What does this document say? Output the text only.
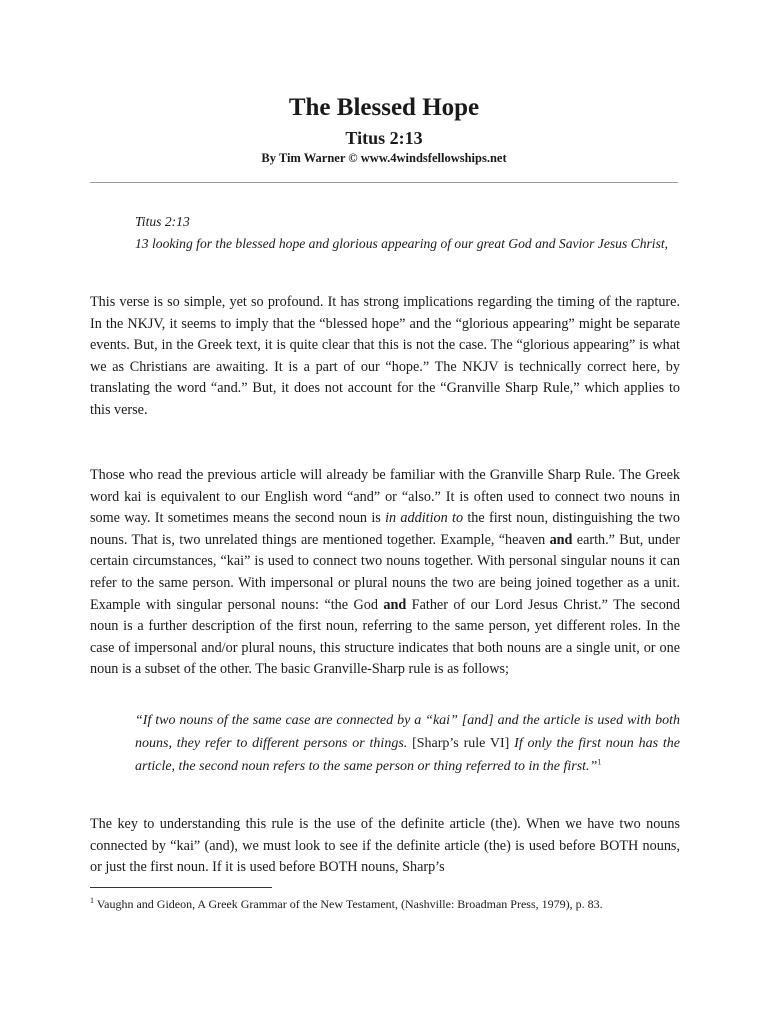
The Blessed Hope
Titus 2:13

By Tim Warner © www.4windsfellowships.net

Titus 2:13
13 looking for the blessed hope and glorious appearing of our great God and Savior Jesus Christ,

This verse is so simple, yet so profound. It has strong implications regarding the timing of the rapture. In the NKJV, it seems to imply that the “blessed hope” and the “glorious appearing” might be separate events. But, in the Greek text, it is quite clear that this is not the case. The “glorious appearing” is what we as Christians are awaiting. It is a part of our “hope.” The NKJV is technically correct here, by translating the word “and.” But, it does not account for the “Granville Sharp Rule,” which applies to this verse.

Those who read the previous article will already be familiar with the Granville Sharp Rule. The Greek word kai is equivalent to our English word “and” or “also.” It is often used to connect two nouns in some way. It sometimes means the second noun is in addition to the first noun, distinguishing the two nouns. That is, two unrelated things are mentioned together. Example, “heaven and earth.” But, under certain circumstances, “kai” is used to connect two nouns together. With personal singular nouns it can refer to the same person. With impersonal or plural nouns the two are being joined together as a unit. Example with singular personal nouns: “the God and Father of our Lord Jesus Christ.” The second noun is a further description of the first noun, referring to the same person, yet different roles. In the case of impersonal and/or plural nouns, this structure indicates that both nouns are a single unit, or one noun is a subset of the other. The basic Granville-Sharp rule is as follows;

“If two nouns of the same case are connected by a “kai” [and] and the article is used with both nouns, they refer to different persons or things. [Sharp’s rule VI] If only the first noun has the article, the second noun refers to the same person or thing referred to in the first.”$^1$

The key to understanding this rule is the use of the definite article (the). When we have two nouns connected by “kai” (and), we must look to see if the definite article (the) is used before BOTH nouns, or just the first noun. If it is used before BOTH nouns, Sharp’s

$^1$ Vaughn and Gideon, A Greek Grammar of the New Testament, (Nashville: Broadman Press, 1979), p. 83.
